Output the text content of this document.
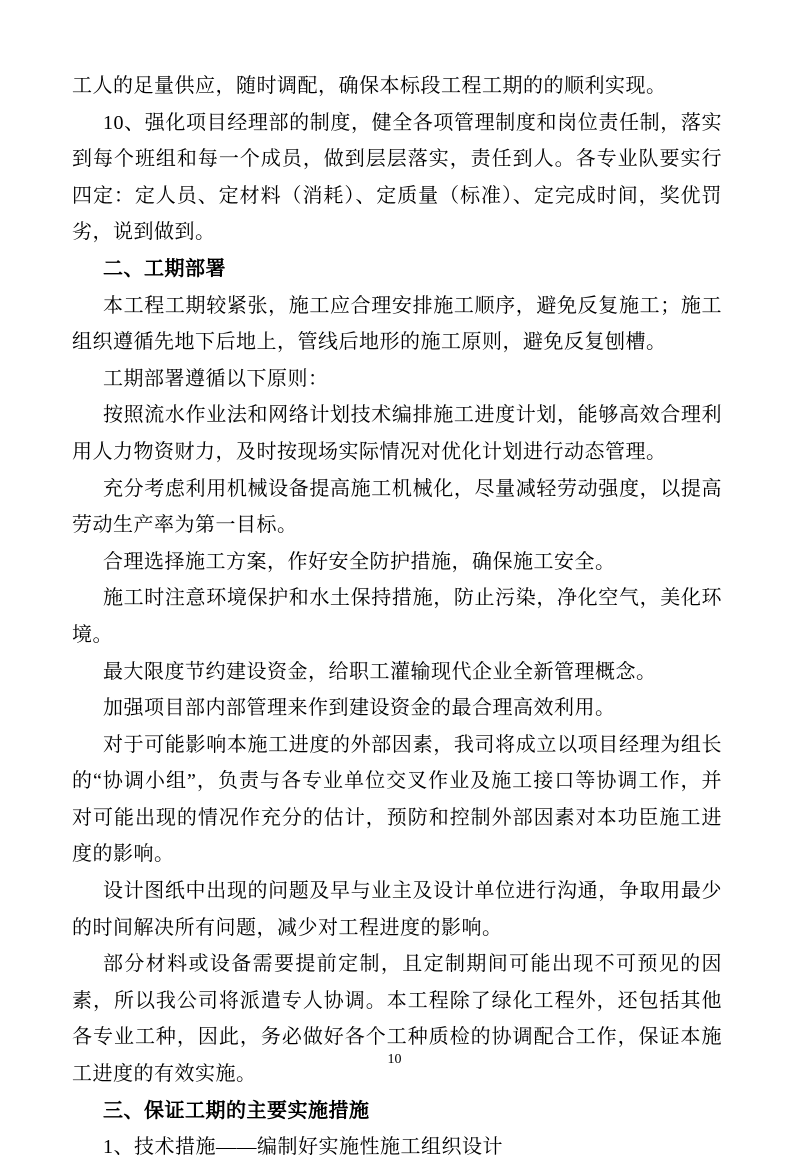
工人的足量供应，随时调配，确保本标段工程工期的的顺利实现。

10、强化项目经理部的制度，健全各项管理制度和岗位责任制，落实到每个班组和每一个成员，做到层层落实，责任到人。各专业队要实行四定：定人员、定材料（消耗）、定质量（标准）、定完成时间，奖优罚劣，说到做到。

二、工期部署

本工程工期较紧张，施工应合理安排施工顺序，避免反复施工；施工组织遵循先地下后地上，管线后地形的施工原则，避免反复刨槽。

工期部署遵循以下原则：

按照流水作业法和网络计划技术编排施工进度计划，能够高效合理利用人力物资财力，及时按现场实际情况对优化计划进行动态管理。

充分考虑利用机械设备提高施工机械化，尽量减轻劳动强度，以提高劳动生产率为第一目标。

合理选择施工方案，作好安全防护措施，确保施工安全。

施工时注意环境保护和水土保持措施，防止污染，净化空气，美化环境。

最大限度节约建设资金，给职工灌输现代企业全新管理概念。

加强项目部内部管理来作到建设资金的最合理高效利用。

对于可能影响本施工进度的外部因素，我司将成立以项目经理为组长的“协调小组”，负责与各专业单位交叉作业及施工接口等协调工作，并对可能出现的情况作充分的估计，预防和控制外部因素对本功臣施工进度的影响。

设计图纸中出现的问题及早与业主及设计单位进行沟通，争取用最少的时间解决所有问题，减少对工程进度的影响。

部分材料或设备需要提前定制，且定制期间可能出现不可预见的因素，所以我公司将派遣专人协调。本工程除了绿化工程外，还包括其他各专业工种，因此，务必做好各个工种质检的协调配合工作，保证本施工进度的有效实施。

三、保证工期的主要实施措施

1、技术措施——编制好实施性施工组织设计

10
